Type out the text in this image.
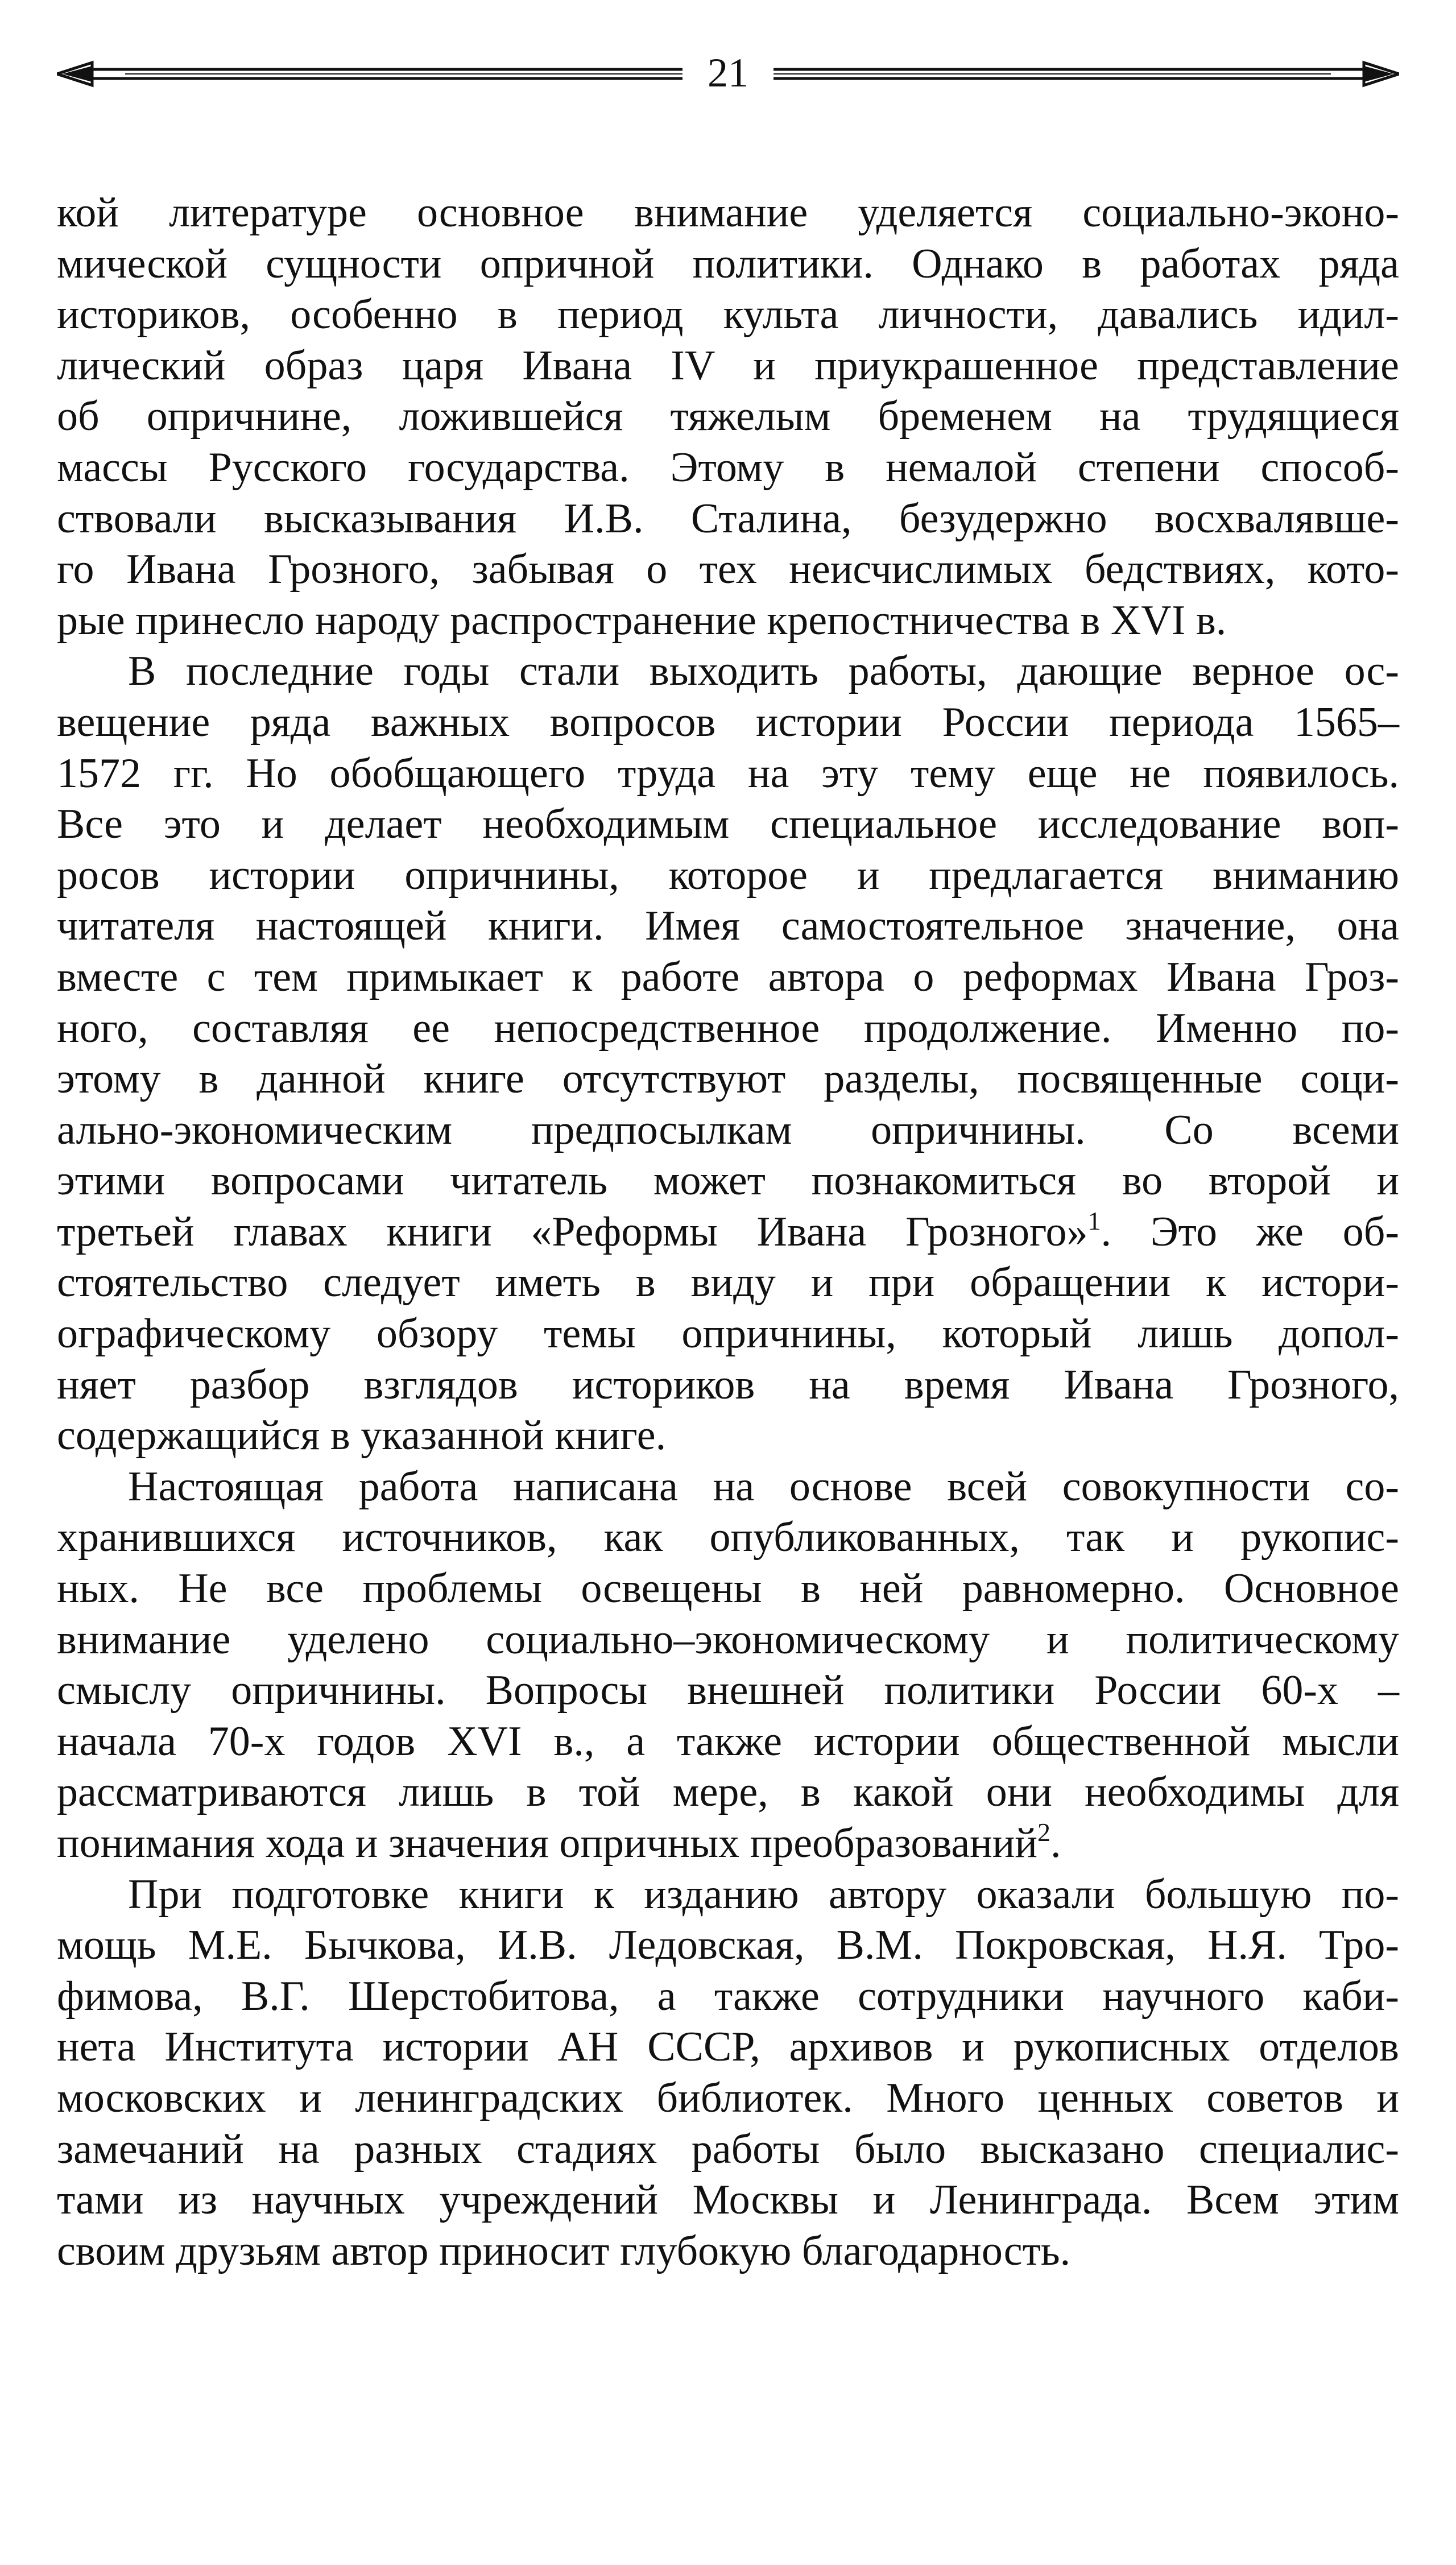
21

кой литературе основное внимание уделяется социально-эконо-
мической сущности опричной политики. Однако в работах ряда
историков, особенно в период культа личности, давались идил-
лический образ царя Ивана IV и приукрашенное представление
об опричнине, ложившейся тяжелым бременем на трудящиеся
массы Русского государства. Этому в немалой степени способ-
ствовали высказывания И.В. Сталина, безудержно восхвалявше-
го Ивана Грозного, забывая о тех неисчислимых бедствиях, кото-
рые принесло народу распространение крепостничества в XVI в.

В последние годы стали выходить работы, дающие верное ос-
вещение ряда важных вопросов истории России периода 1565–
1572 гг. Но обобщающего труда на эту тему еще не появилось.
Все это и делает необходимым специальное исследование воп-
росов истории опричнины, которое и предлагается вниманию
читателя настоящей книги. Имея самостоятельное значение, она
вместе с тем примыкает к работе автора о реформах Ивана Гроз-
ного, составляя ее непосредственное продолжение. Именно по-
этому в данной книге отсутствуют разделы, посвященные соци-
ально-экономическим предпосылкам опричнины. Со всеми
этими вопросами читатель может познакомиться во второй и
третьей главах книги «Реформы Ивана Грозного»$^1$. Это же об-
стоятельство следует иметь в виду и при обращении к истори-
ографическому обзору темы опричнины, который лишь допол-
няет разбор взглядов историков на время Ивана Грозного,
содержащийся в указанной книге.

Настоящая работа написана на основе всей совокупности со-
хранившихся источников, как опубликованных, так и рукопис-
ных. Не все проблемы освещены в ней равномерно. Основное
внимание уделено социально–экономическому и политическому
смыслу опричнины. Вопросы внешней политики России 60-х –
начала 70-х годов XVI в., а также истории общественной мысли
рассматриваются лишь в той мере, в какой они необходимы для
понимания хода и значения опричных преобразований$^2$.

При подготовке книги к изданию автору оказали большую по-
мощь М.Е. Бычкова, И.В. Ледовская, В.М. Покровская, Н.Я. Тро-
фимова, В.Г. Шерстобитова, а также сотрудники научного каби-
нета Института истории АН СССР, архивов и рукописных отделов
московских и ленинградских библиотек. Много ценных советов и
замечаний на разных стадиях работы было высказано специалис-
тами из научных учреждений Москвы и Ленинграда. Всем этим
своим друзьям автор приносит глубокую благодарность.
